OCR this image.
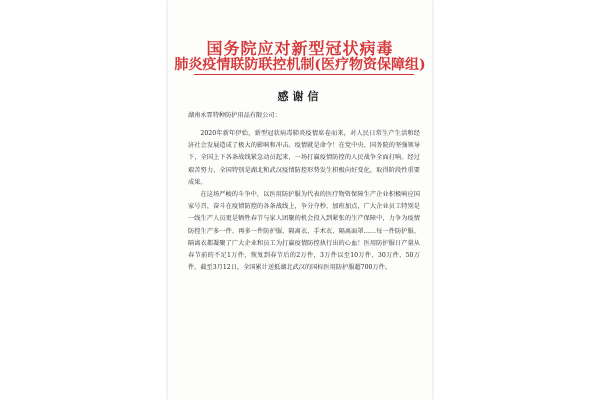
国务院应对新型冠状病毒
肺炎疫情联防联控机制(医疗物资保障组)
感谢信
湖南永霏特种防护用品有限公司：

2020年新年伊始，新型冠状病毒肺炎疫情席卷而来，对人民日常生产生活和经济社会发展造成了极大的影响和冲击。疫情就是命令！在党中央、国务院的坚强领导下，全国上下各条战线紧急动员起来，一场打赢疫情防控的人民战争全面打响。经过艰苦努力，全国特别是湖北和武汉疫情防控形势发生积极向好变化，取得阶段性重要成果。

在这场严峻的斗争中，以医用防护服为代表的医疗物资保障生产企业积极响应国家号召，奋斗在疫情防控的各条战线上，争分夺秒、加班加点，广大企业员工特别是一线生产人员更是牺牲春节与家人团聚的机会投入到紧张的生产保障中，力争为疫情防控生产多一件、再多一件防护服，隔离衣、手术衣、隔离面罩……每一件防护服、隔离衣都凝聚了广大企业和员工为打赢疫情防控执行出的心血！医用防护服日产量从春节前的不足1万件，恢复到春节后的2万件，3万件以至10万件、30万件、50万件，截至3月12日，全国累计送抵湖北武汉的国标医用防护服超700万件。
